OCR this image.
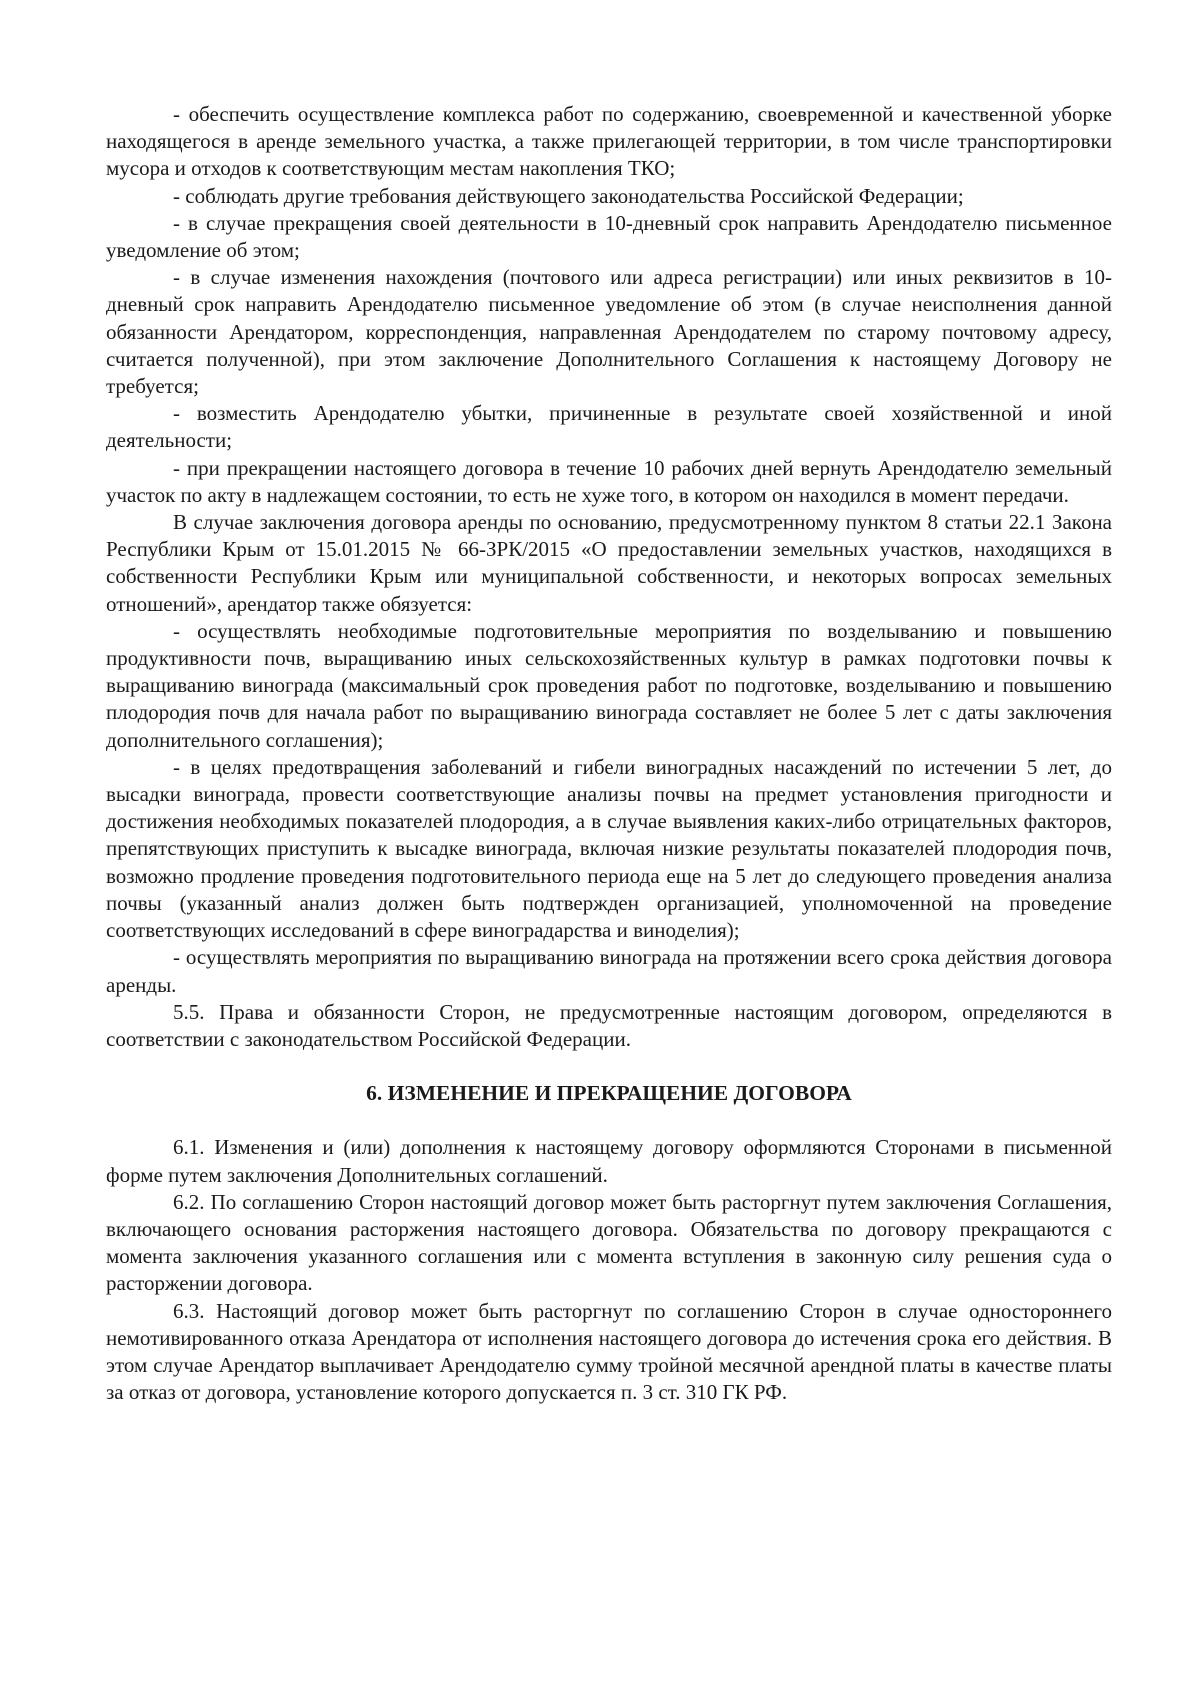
- обеспечить осуществление комплекса работ по содержанию, своевременной и качественной уборке находящегося в аренде земельного участка, а также прилегающей территории, в том числе транспортировки мусора и отходов к соответствующим местам накопления ТКО;

- соблюдать другие требования действующего законодательства Российской Федерации;

- в случае прекращения своей деятельности в 10-дневный срок направить Арендодателю письменное уведомление об этом;

- в случае изменения нахождения (почтового или адреса регистрации) или иных реквизитов в 10-дневный срок направить Арендодателю письменное уведомление об этом (в случае неисполнения данной обязанности Арендатором, корреспонденция, направленная Арендодателем по старому почтовому адресу, считается полученной), при этом заключение Дополнительного Соглашения к настоящему Договору не требуется;

- возместить Арендодателю убытки, причиненные в результате своей хозяйственной и иной деятельности;

- при прекращении настоящего договора в течение 10 рабочих дней вернуть Арендодателю земельный участок по акту в надлежащем состоянии, то есть не хуже того, в котором он находился в момент передачи.

В случае заключения договора аренды по основанию, предусмотренному пунктом 8 статьи 22.1 Закона Республики Крым от 15.01.2015 № 66-ЗРК/2015 «О предоставлении земельных участков, находящихся в собственности Республики Крым или муниципальной собственности, и некоторых вопросах земельных отношений», арендатор также обязуется:

- осуществлять необходимые подготовительные мероприятия по возделыванию и повышению продуктивности почв, выращиванию иных сельскохозяйственных культур в рамках подготовки почвы к выращиванию винограда (максимальный срок проведения работ по подготовке, возделыванию и повышению плодородия почв для начала работ по выращиванию винограда составляет не более 5 лет с даты заключения дополнительного соглашения);

- в целях предотвращения заболеваний и гибели виноградных насаждений по истечении 5 лет, до высадки винограда, провести соответствующие анализы почвы на предмет установления пригодности и достижения необходимых показателей плодородия, а в случае выявления каких-либо отрицательных факторов, препятствующих приступить к высадке винограда, включая низкие результаты показателей плодородия почв, возможно продление проведения подготовительного периода еще на 5 лет до следующего проведения анализа почвы (указанный анализ должен быть подтвержден организацией, уполномоченной на проведение соответствующих исследований в сфере виноградарства и виноделия);

- осуществлять мероприятия по выращиванию винограда на протяжении всего срока действия договора аренды.

5.5. Права и обязанности Сторон, не предусмотренные настоящим договором, определяются в соответствии с законодательством Российской Федерации.

6. ИЗМЕНЕНИЕ И ПРЕКРАЩЕНИЕ ДОГОВОРА

6.1. Изменения и (или) дополнения к настоящему договору оформляются Сторонами в письменной форме путем заключения Дополнительных соглашений.

6.2. По соглашению Сторон настоящий договор может быть расторгнут путем заключения Соглашения, включающего основания расторжения настоящего договора. Обязательства по договору прекращаются с момента заключения указанного соглашения или с момента вступления в законную силу решения суда о расторжении договора.

6.3. Настоящий договор может быть расторгнут по соглашению Сторон в случае одностороннего немотивированного отказа Арендатора от исполнения настоящего договора до истечения срока его действия. В этом случае Арендатор выплачивает Арендодателю сумму тройной месячной арендной платы в качестве платы за отказ от договора, установление которого допускается п. 3 ст. 310 ГК РФ.
